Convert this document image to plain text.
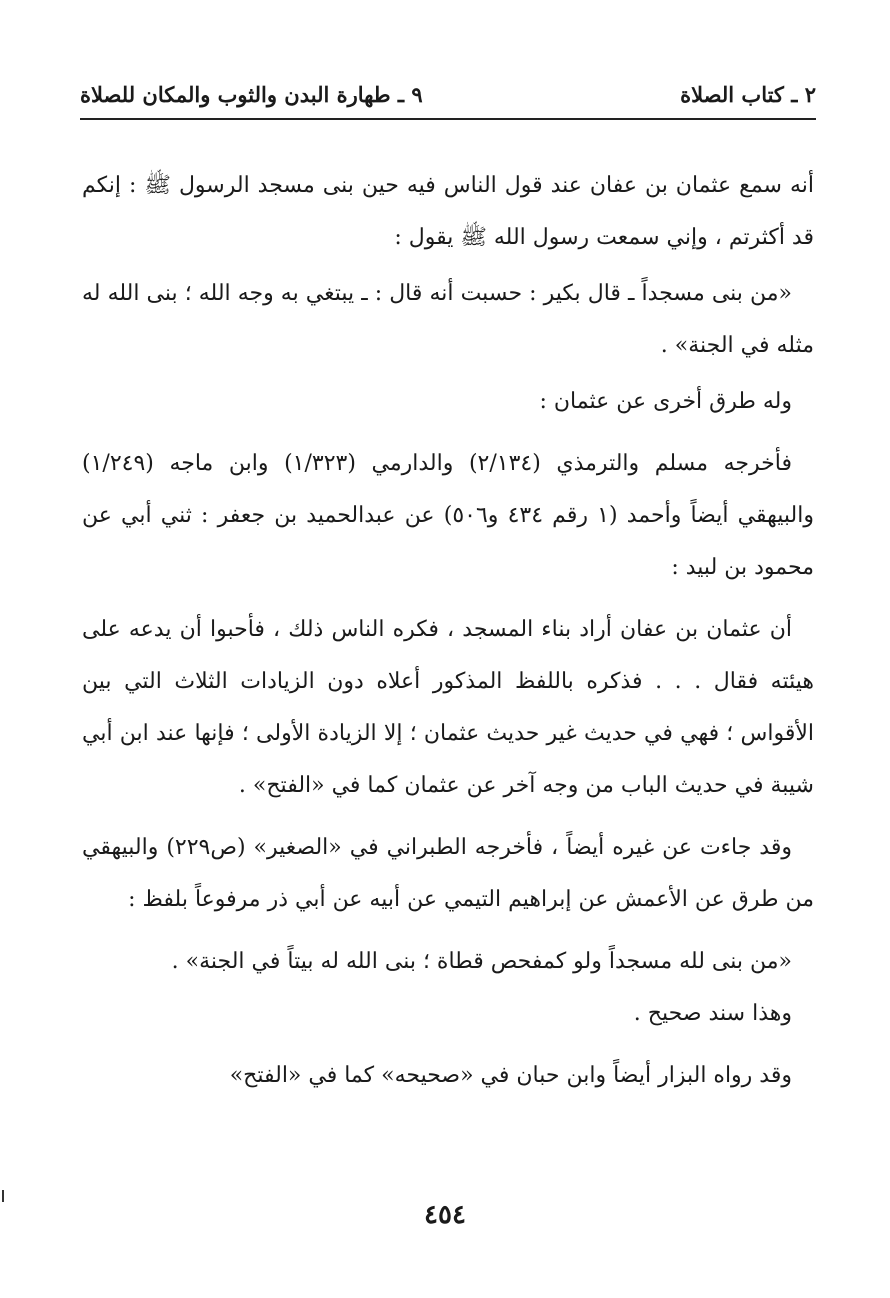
٢ ـ كتاب الصلاة
٩ ـ طهارة البدن والثوب والمكان للصلاة

أنه سمع عثمان بن عفان عند قول الناس فيه حين بنى مسجد الرسول ﷺ : إنكم قد أكثرتم ، وإني سمعت رسول الله ﷺ يقول :

«من بنى مسجداً ـ قال بكير : حسبت أنه قال : ـ يبتغي به وجه الله ؛ بنى الله له مثله في الجنة» .

وله طرق أخرى عن عثمان :

فأخرجه مسلم والترمذي (٢/١٣٤) والدارمي (١/٣٢٣) وابن ماجه (١/٢٤٩) والبيهقي أيضاً وأحمد (١ رقم ٤٣٤ و٥٠٦) عن عبدالحميد بن جعفر : ثني أبي عن محمود بن لبيد :

أن عثمان بن عفان أراد بناء المسجد ، فكره الناس ذلك ، فأحبوا أن يدعه على هيئته فقال . . . فذكره باللفظ المذكور أعلاه دون الزيادات الثلاث التي بين الأقواس ؛ فهي في حديث غير حديث عثمان ؛ إلا الزيادة الأولى ؛ فإنها عند ابن أبي شيبة في حديث الباب من وجه آخر عن عثمان كما في «الفتح» .

وقد جاءت عن غيره أيضاً ، فأخرجه الطبراني في «الصغير» (ص٢٢٩) والبيهقي من طرق عن الأعمش عن إبراهيم التيمي عن أبيه عن أبي ذر مرفوعاً بلفظ :

«من بنى لله مسجداً ولو كمفحص قطاة ؛ بنى الله له بيتاً في الجنة» .

وهذا سند صحيح .

وقد رواه البزار أيضاً وابن حبان في «صحيحه» كما في «الفتح»

٤٥٤
